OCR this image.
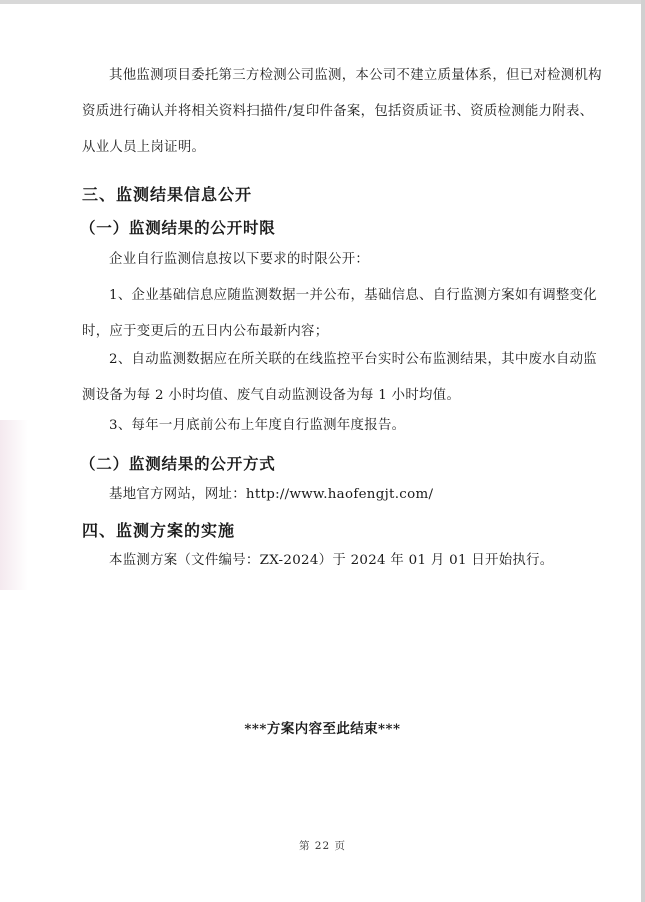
其他监测项目委托第三方检测公司监测，本公司不建立质量体系，但已对检测机构资质进行确认并将相关资料扫描件/复印件备案，包括资质证书、资质检测能力附表、从业人员上岗证明。

三、监测结果信息公开
（一）监测结果的公开时限

企业自行监测信息按以下要求的时限公开：

1、企业基础信息应随监测数据一并公布，基础信息、自行监测方案如有调整变化时，应于变更后的五日内公布最新内容；

2、自动监测数据应在所关联的在线监控平台实时公布监测结果，其中废水自动监测设备为每 2 小时均值、废气自动监测设备为每 1 小时均值。

3、每年一月底前公布上年度自行监测年度报告。

（二）监测结果的公开方式

基地官方网站，网址：http://www.haofengjt.com/

四、监测方案的实施

本监测方案（文件编号：ZX-2024）于 2024 年 01 月 01 日开始执行。

***方案内容至此结束***
第 22 页
